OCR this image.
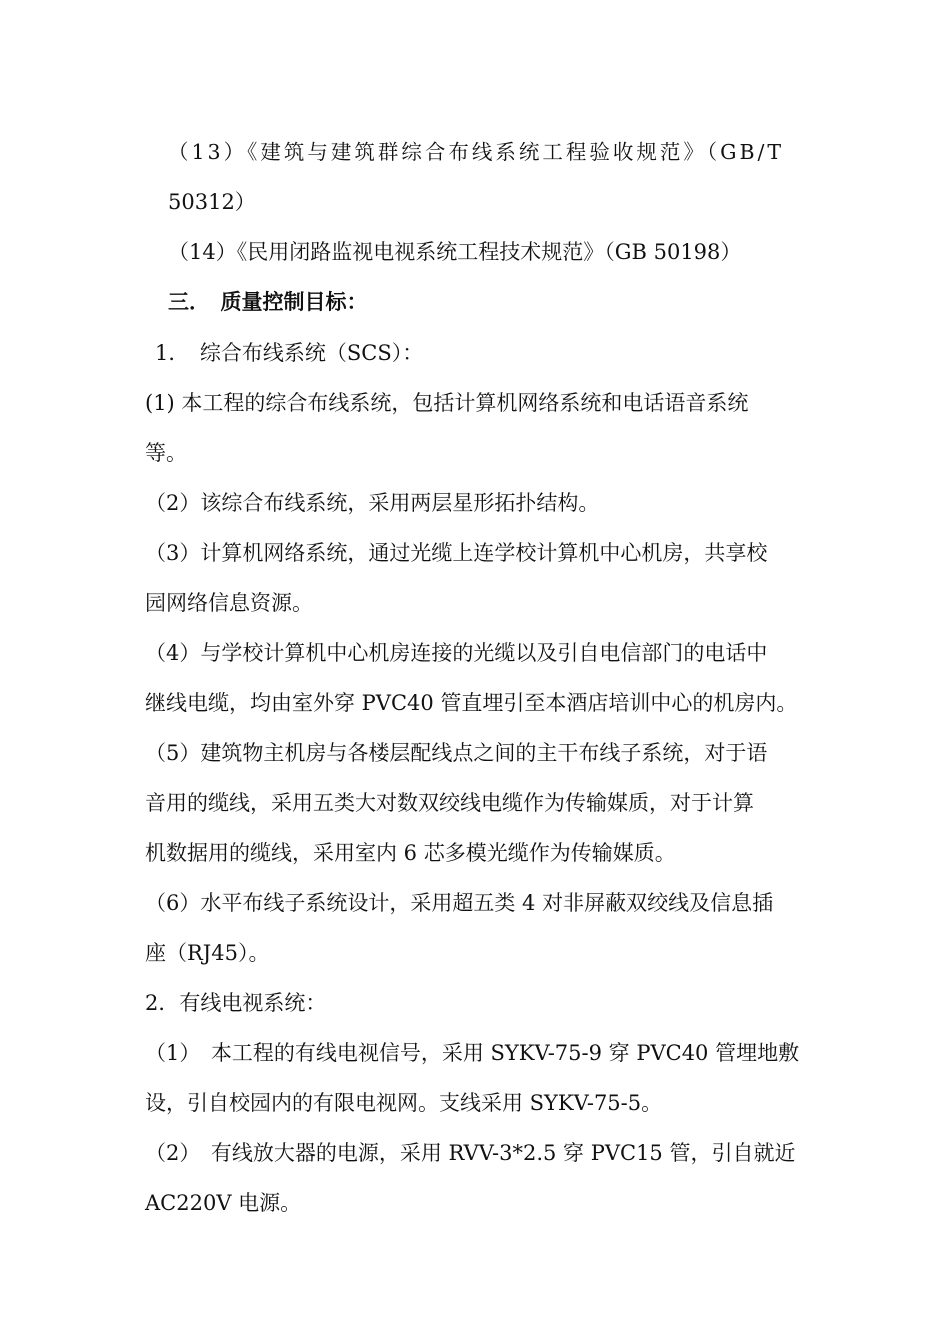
（13）《建筑与建筑群综合布线系统工程验收规范》（GB/T
50312）
（14）《民用闭路监视电视系统工程技术规范》（GB 50198）
三．　质量控制目标：
1．　综合布线系统（SCS）：
(1) 本工程的综合布线系统，包括计算机网络系统和电话语音系统
等。
（2）该综合布线系统，采用两层星形拓扑结构。
（3）计算机网络系统，通过光缆上连学校计算机中心机房，共享校
园网络信息资源。
（4）与学校计算机中心机房连接的光缆以及引自电信部门的电话中
继线电缆，均由室外穿 PVC40 管直埋引至本酒店培训中心的机房内。
（5）建筑物主机房与各楼层配线点之间的主干布线子系统，对于语
音用的缆线，采用五类大对数双绞线电缆作为传输媒质，对于计算
机数据用的缆线，采用室内 6 芯多模光缆作为传输媒质。
（6）水平布线子系统设计，采用超五类 4 对非屏蔽双绞线及信息插
座（RJ45）。
2．有线电视系统：
（1）　本工程的有线电视信号，采用 SYKV-75-9 穿 PVC40 管埋地敷
设，引自校园内的有限电视网。支线采用 SYKV-75-5。
（2）　有线放大器的电源，采用 RVV-3*2.5 穿 PVC15 管，引自就近
AC220V 电源。
